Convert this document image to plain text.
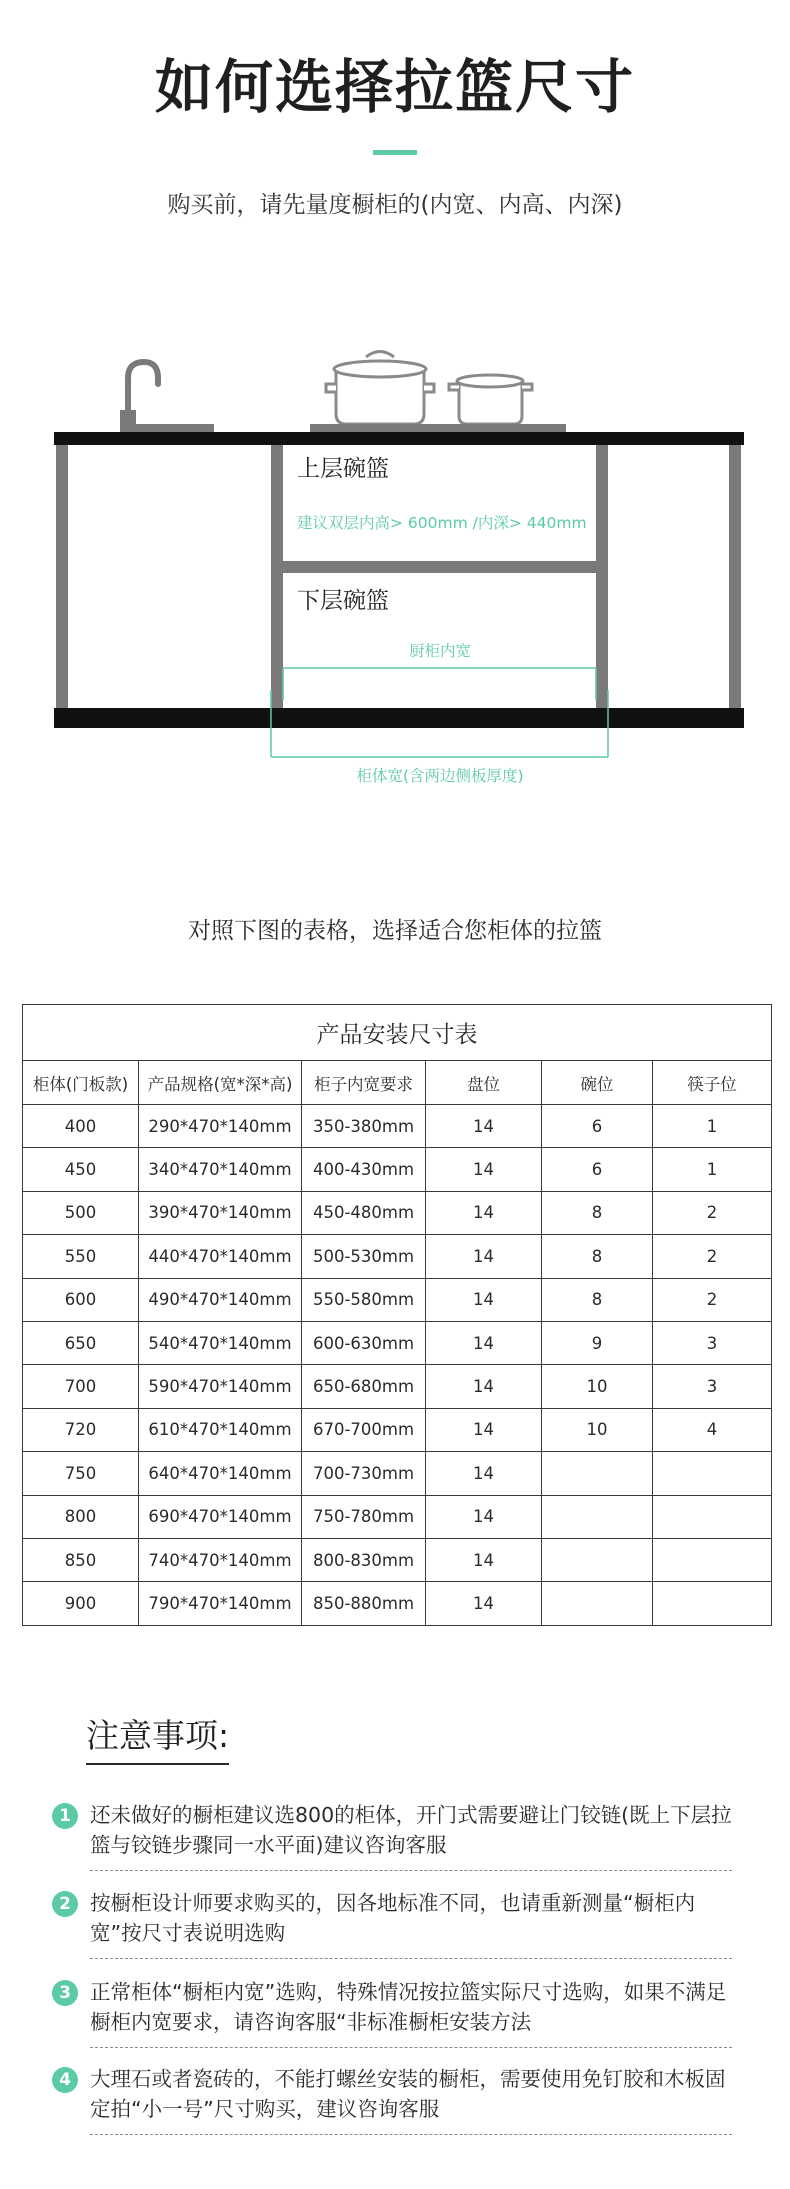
如何选择拉篮尺寸
购买前，请先量度橱柜的(内宽、内高、内深)
上层碗篮
建议双层内高> 600mm /内深> 440mm
下层碗篮
厨柜内宽
柜体宽(含两边侧板厚度)
对照下图的表格，选择适合您柜体的拉篮
产品安装尺寸表					
柜体(门板款)	产品规格(宽*深*高)	柜子内宽要求	盘位	碗位	筷子位
400	290*470*140mm	350-380mm	14	6	1
450	340*470*140mm	400-430mm	14	6	1
500	390*470*140mm	450-480mm	14	8	2
550	440*470*140mm	500-530mm	14	8	2
600	490*470*140mm	550-580mm	14	8	2
650	540*470*140mm	600-630mm	14	9	3
700	590*470*140mm	650-680mm	14	10	3
720	610*470*140mm	670-700mm	14	10	4
750	640*470*140mm	700-730mm	14		
800	690*470*140mm	750-780mm	14		
850	740*470*140mm	800-830mm	14		
900	790*470*140mm	850-880mm	14		
注意事项:
1 还未做好的橱柜建议选800的柜体，开门式需要避让门铰链(既上下层拉篮与铰链步骤同一水平面)建议咨询客服
2 按橱柜设计师要求购买的，因各地标准不同，也请重新测量“橱柜内宽”按尺寸表说明选购
3 正常柜体“橱柜内宽”选购，特殊情况按拉篮实际尺寸选购，如果不满足橱柜内宽要求，请咨询客服“非标准橱柜安装方法
4 大理石或者瓷砖的，不能打螺丝安装的橱柜，需要使用免钉胶和木板固定拍“小一号”尺寸购买，建议咨询客服
